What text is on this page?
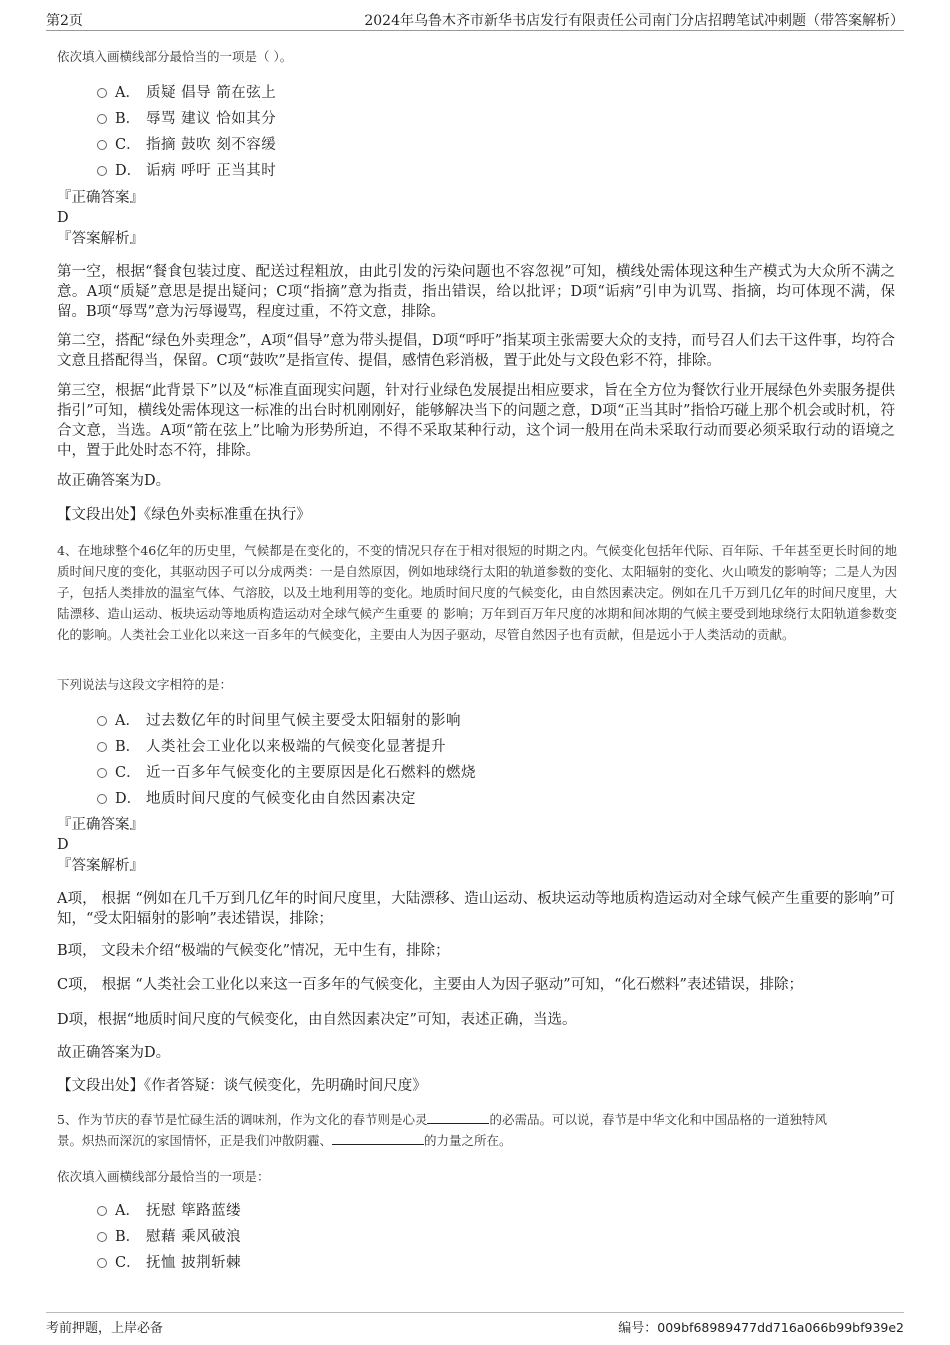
第2页	2024年乌鲁木齐市新华书店发行有限责任公司南门分店招聘笔试冲刺题（带答案解析）
依次填入画横线部分最恰当的一项是（ ）。
A． 质疑 倡导 箭在弦上
B． 辱骂 建议 恰如其分
C． 指摘 鼓吹 刻不容缓
D． 诟病 呼吁 正当其时
『正确答案』
D
『答案解析』
第一空，根据“餐食包装过度、配送过程粗放，由此引发的污染问题也不容忽视”可知，横线处需体现这种生产模式为大众所不满之意。A项“质疑”意思是提出疑问；C项“指摘”意为指责，指出错误，给以批评；D项“诟病”引申为讥骂、指摘，均可体现不满，保留。B项“辱骂”意为污辱谩骂，程度过重，不符文意，排除。
第二空，搭配“绿色外卖理念”，A项“倡导”意为带头提倡，D项“呼吁”指某项主张需要大众的支持，而号召人们去干这件事，均符合文意且搭配得当，保留。C项“鼓吹”是指宣传、提倡，感情色彩消极，置于此处与文段色彩不符，排除。
第三空，根据“此背景下”以及“标准直面现实问题，针对行业绿色发展提出相应要求，旨在全方位为餐饮行业开展绿色外卖服务提供指引”可知，横线处需体现这一标准的出台时机刚刚好，能够解决当下的问题之意，D项“正当其时”指恰巧碰上那个机会或时机，符合文意，当选。A项“箭在弦上”比喻为形势所迫，不得不采取某种行动，这个词一般用在尚未采取行动而要必须采取行动的语境之中，置于此处时态不符，排除。
故正确答案为D。
【文段出处】《绿色外卖标准重在执行》
4、在地球整个46亿年的历史里，气候都是在变化的，不变的情况只存在于相对很短的时期之内。气候变化包括年代际、百年际、千年甚至更长时间的地质时间尺度的变化，其驱动因子可以分成两类：一是自然原因，例如地球绕行太阳的轨道参数的变化、太阳辐射的变化、火山喷发的影响等；二是人为因子，包括人类排放的温室气体、气溶胶，以及土地利用等的变化。地质时间尺度的气候变化，由自然因素决定。例如在几千万到几亿年的时间尺度里，大陆漂移、造山运动、板块运动等地质构造运动对全球气候产生重要 的 影响；万年到百万年尺度的冰期和间冰期的气候主要受到地球绕行太阳轨道参数变化的影响。人类社会工业化以来这一百多年的气候变化，主要由人为因子驱动，尽管自然因子也有贡献，但是远小于人类活动的贡献。
下列说法与这段文字相符的是：
A． 过去数亿年的时间里气候主要受太阳辐射的影响
B． 人类社会工业化以来极端的气候变化显著提升
C． 近一百多年气候变化的主要原因是化石燃料的燃烧
D． 地质时间尺度的气候变化由自然因素决定
『正确答案』
D
『答案解析』
A项， 根据 “例如在几千万到几亿年的时间尺度里，大陆漂移、造山运动、板块运动等地质构造运动对全球气候产生重要的影响”可知，“受太阳辐射的影响”表述错误，排除；
B项， 文段未介绍“极端的气候变化”情况，无中生有，排除；
C项， 根据 “人类社会工业化以来这一百多年的气候变化，主要由人为因子驱动”可知，“化石燃料”表述错误，排除；
D项，根据“地质时间尺度的气候变化，由自然因素决定”可知，表述正确，当选。
故正确答案为D。
【文段出处】《作者答疑：谈气候变化，先明确时间尺度》
5、作为节庆的春节是忙碌生活的调味剂，作为文化的春节则是心灵	的必需品。可以说，春节是中华文化和中国品格的一道独特风
景。炽热而深沉的家国情怀，正是我们冲散阴霾、	的力量之所在。
依次填入画横线部分最恰当的一项是：
A． 抚慰 筚路蓝缕
B． 慰藉 乘风破浪
C． 抚恤 披荆斩棘
考前押题，上岸必备	编号：009bf68989477dd716a066b99bf939e2
